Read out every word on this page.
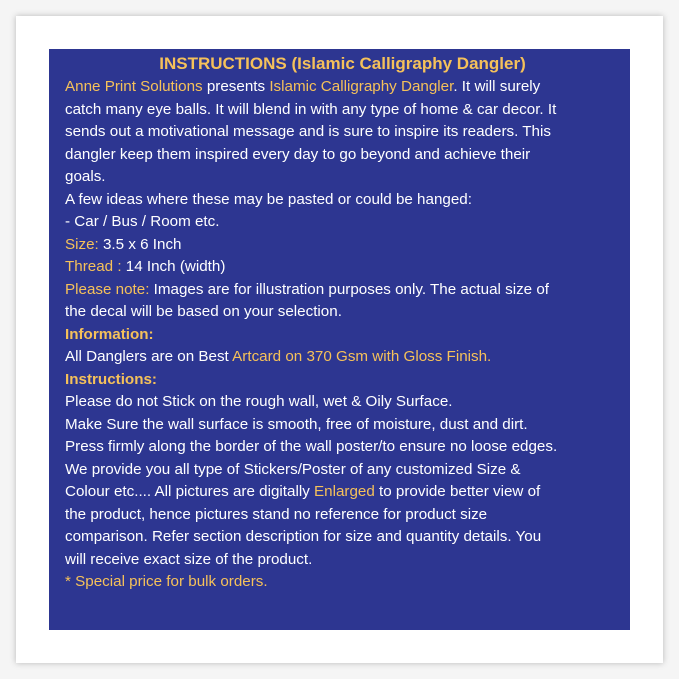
INSTRUCTIONS (Islamic Calligraphy Dangler)
Anne Print Solutions presents Islamic Calligraphy Dangler. It will surely
catch many eye balls. It will blend in with any type of home & car decor. It
sends out a motivational message and is sure to inspire its readers. This
dangler keep them inspired every day to go beyond and achieve their
goals.
A few ideas where these may be pasted or could be hanged:
- Car / Bus / Room etc.
Size: 3.5 x 6 Inch
Thread : 14 Inch (width)
Please note: Images are for illustration purposes only. The actual size of
the decal will be based on your selection.
Information:
All Danglers are on Best Artcard on 370 Gsm with Gloss Finish.
Instructions:
Please do not Stick on the rough wall, wet & Oily Surface.
Make Sure the wall surface is smooth, free of moisture, dust and dirt.
Press firmly along the border of the wall poster/to ensure no loose edges.
We provide you all type of Stickers/Poster of any customized Size &
Colour etc.... All pictures are digitally Enlarged to provide better view of
the product, hence pictures stand no reference for product size
comparison. Refer section description for size and quantity details. You
will receive exact size of the product.
* Special price for bulk orders.
